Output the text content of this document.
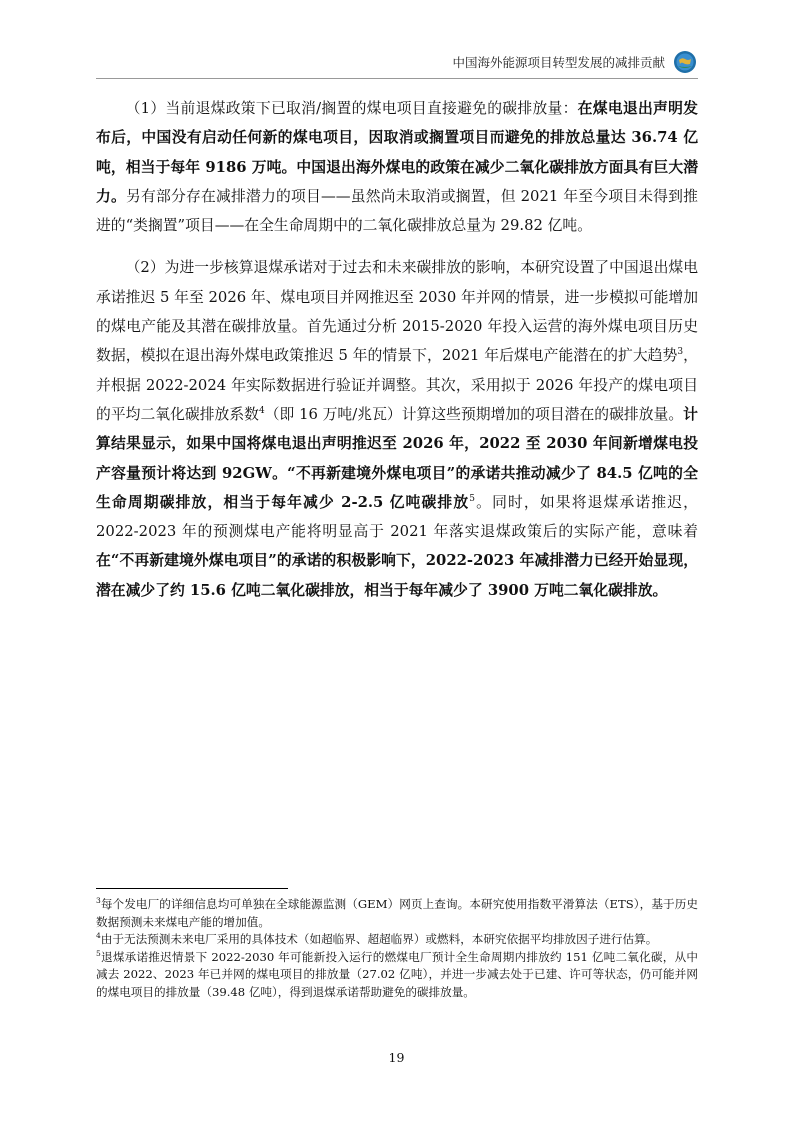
中国海外能源项目转型发展的减排贡献

（1）当前退煤政策下已取消/搁置的煤电项目直接避免的碳排放量：在煤电退出声明发布后，中国没有启动任何新的煤电项目，因取消或搁置项目而避免的排放总量达 36.74 亿吨，相当于每年 9186 万吨。中国退出海外煤电的政策在减少二氧化碳排放方面具有巨大潜力。另有部分存在减排潜力的项目——虽然尚未取消或搁置，但 2021 年至今项目未得到推进的“类搁置”项目——在全生命周期中的二氧化碳排放总量为 29.82 亿吨。

（2）为进一步核算退煤承诺对于过去和未来碳排放的影响，本研究设置了中国退出煤电承诺推迟 5 年至 2026 年、煤电项目并网推迟至 2030 年并网的情景，进一步模拟可能增加的煤电产能及其潜在碳排放量。首先通过分析 2015-2020 年投入运营的海外煤电项目历史数据，模拟在退出海外煤电政策推迟 5 年的情景下，2021 年后煤电产能潜在的扩大趋势$^3$，并根据 2022-2024 年实际数据进行验证并调整。其次，采用拟于 2026 年投产的煤电项目的平均二氧化碳排放系数$^4$（即 16 万吨/兆瓦）计算这些预期增加的项目潜在的碳排放量。计算结果显示，如果中国将煤电退出声明推迟至 2026 年，2022 至 2030 年间新增煤电投产容量预计将达到 92GW。“不再新建境外煤电项目”的承诺共推动减少了 84.5 亿吨的全生命周期碳排放，相当于每年减少 2-2.5 亿吨碳排放$^5$。同时，如果将退煤承诺推迟，2022-2023 年的预测煤电产能将明显高于 2021 年落实退煤政策后的实际产能，意味着在“不再新建境外煤电项目”的承诺的积极影响下，2022-2023 年减排潜力已经开始显现，潜在减少了约 15.6 亿吨二氧化碳排放，相当于每年减少了 3900 万吨二氧化碳排放。

$^3$每个发电厂的详细信息均可单独在全球能源监测（GEM）网页上查询。本研究使用指数平滑算法（ETS），基于历史数据预测未来煤电产能的增加值。

$^4$由于无法预测未来电厂采用的具体技术（如超临界、超超临界）或燃料，本研究依据平均排放因子进行估算。

$^5$退煤承诺推迟情景下 2022-2030 年可能新投入运行的燃煤电厂预计全生命周期内排放约 151 亿吨二氧化碳，从中减去 2022、2023 年已并网的煤电项目的排放量（27.02 亿吨），并进一步减去处于已建、许可等状态，仍可能并网的煤电项目的排放量（39.48 亿吨），得到退煤承诺帮助避免的碳排放量。

19
